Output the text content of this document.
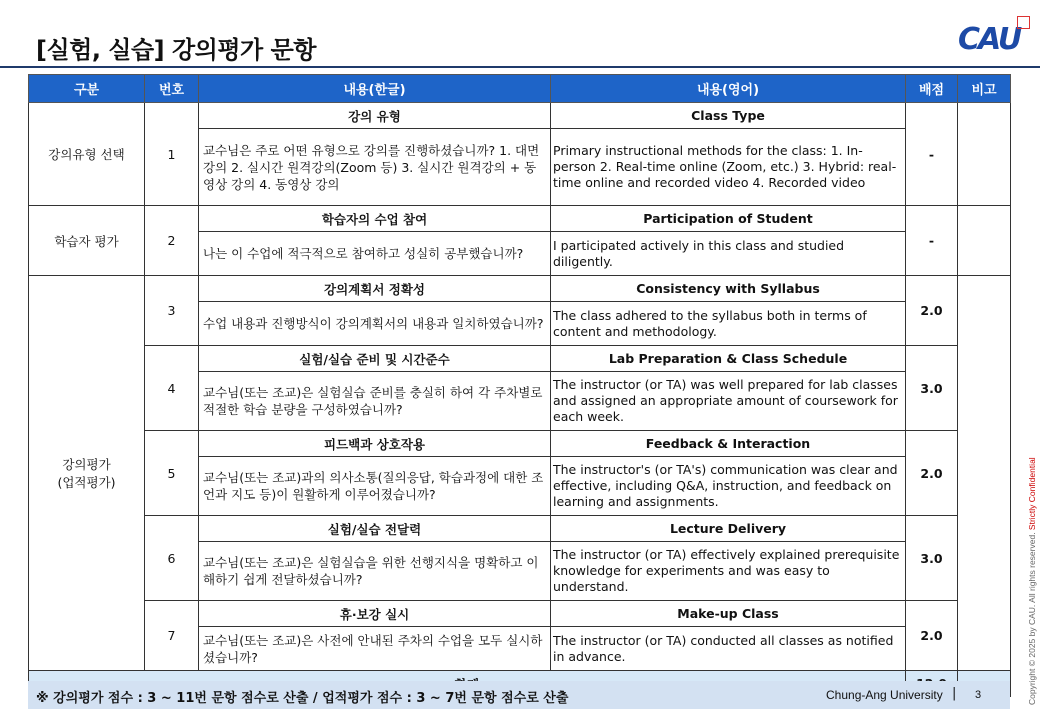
[실험, 실습] 강의평가 문항	CAU
구분	번호	내용(한글)	내용(영어)	배점	비고
강의유형 선택	1	강의 유형	Class Type	-	
		교수님은 주로 어떤 유형으로 강의를 진행하셨습니까? 1. 대면강의 2. 실시간 원격강의(Zoom 등) 3. 실시간 원격강의 + 동영상 강의 4. 동영상 강의	Primary instructional methods for the class: 1. In-person 2. Real-time online (Zoom, etc.) 3. Hybrid: real-time online and recorded video 4. Recorded video		
학습자 평가	2	학습자의 수업 참여	Participation of Student	-	
		나는 이 수업에 적극적으로 참여하고 성실히 공부했습니까?	I participated actively in this class and studied diligently.		
강의평가
(업적평가)	3	강의계획서 정확성	Consistency with Syllabus	2.0	
		수업 내용과 진행방식이 강의계획서의 내용과 일치하였습니까?	The class adhered to the syllabus both in terms of content and methodology.		
	4	실험/실습 준비 및 시간준수	Lab Preparation & Class Schedule	3.0	
		교수님(또는 조교)은 실험실습 준비를 충실히 하여 각 주차별로 적절한 학습 분량을 구성하였습니까?	The instructor (or TA) was well prepared for lab classes and assigned an appropriate amount of coursework for each week.		
	5	피드백과 상호작용	Feedback & Interaction	2.0	
		교수님(또는 조교)과의 의사소통(질의응답, 학습과정에 대한 조언과 지도 등)이 원활하게 이루어졌습니까?	The instructor's (or TA's) communication was clear and effective, including Q&A, instruction, and feedback on learning and assignments.		
	6	실험/실습 전달력	Lecture Delivery	3.0	
		교수님(또는 조교)은 실험실습을 위한 선행지식을 명확하고 이해하기 쉽게 전달하셨습니까?	The instructor (or TA) effectively explained prerequisite knowledge for experiments and was easy to understand.		
	7	휴·보강 실시	Make-up Class	2.0	
		교수님(또는 조교)은 사전에 안내된 주차의 수업을 모두 실시하셨습니까?	The instructor (or TA) conducted all classes as notified in advance.		

※ 강의평가 점수 : 3 ~ 11번 문항 점수로 산출 / 업적평가 점수 : 3 ~ 7번 문항 점수로 산출	Chung-Ang University | 3	Copyright © 2025 by CAU. All rights reserved. Strictly Confidential
